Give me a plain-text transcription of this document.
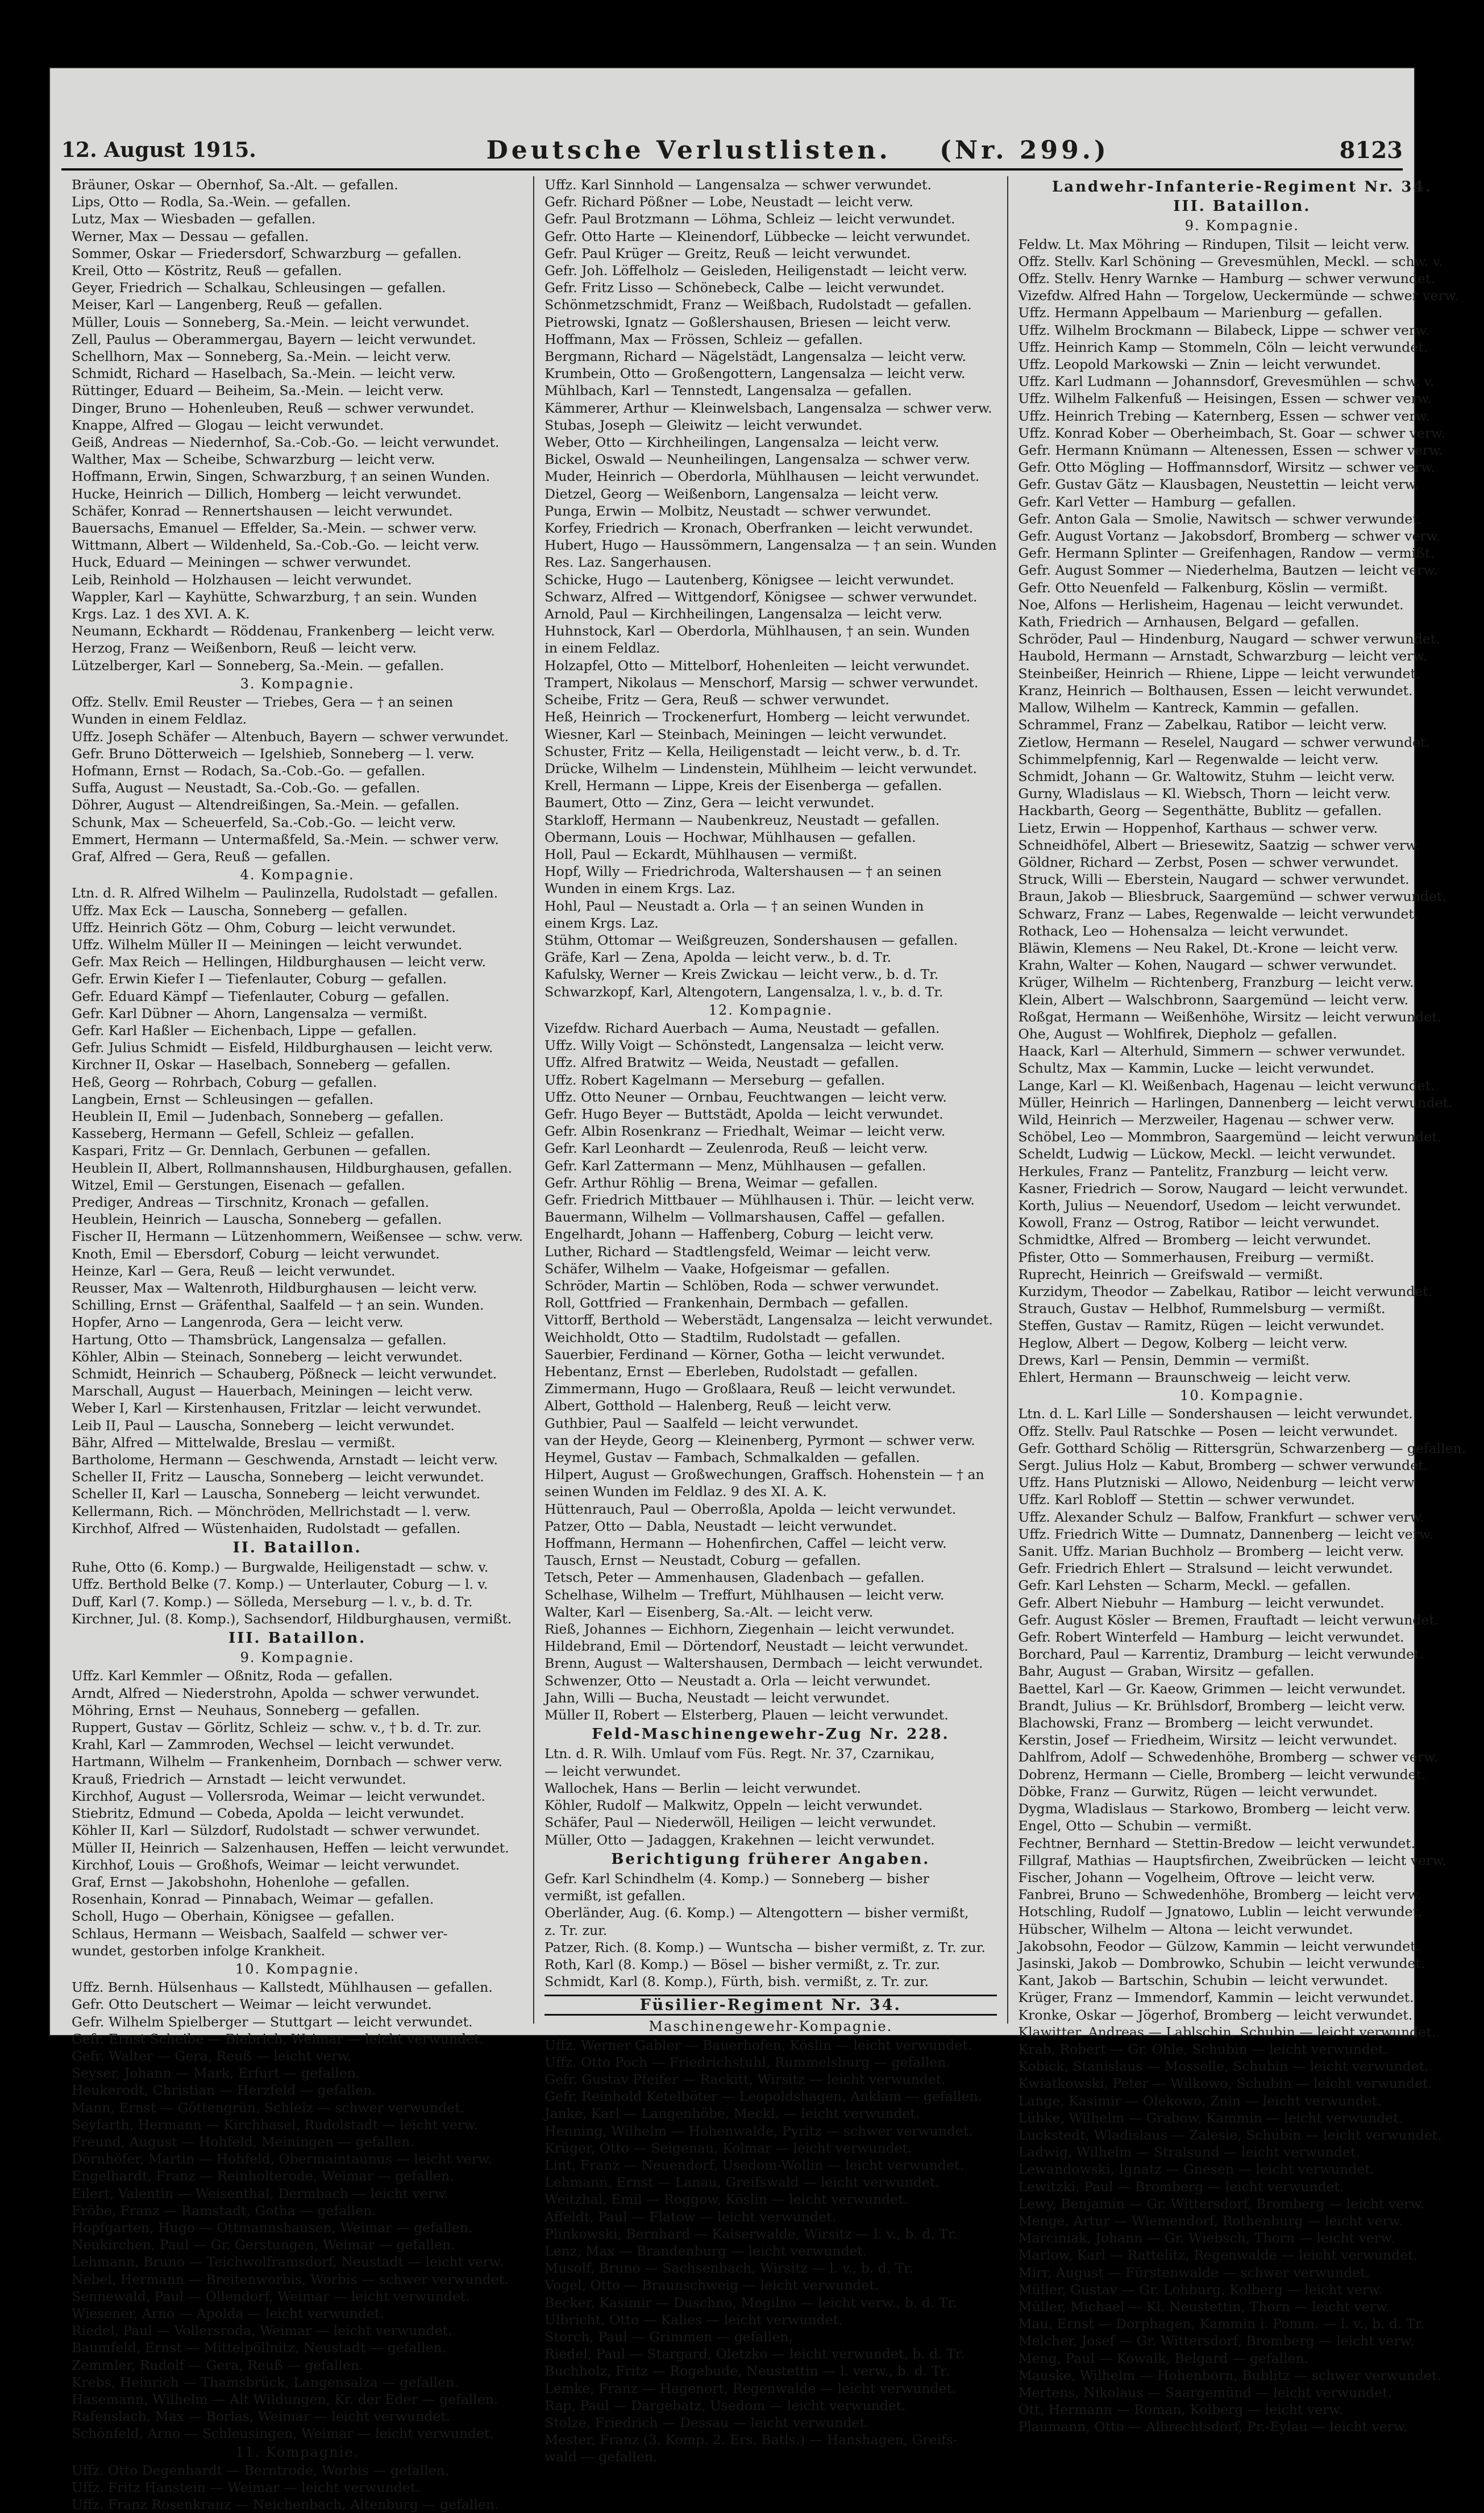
12. August 1915.	Deutsche Verlustlisten. (Nr. 299.)	8123
Bräuner, Oskar — Obernhof, Sa.-Alt. — gefallen.
Lips, Otto — Rodla, Sa.-Wein. — gefallen.
Lutz, Max — Wiesbaden — gefallen.
Werner, Max — Dessau — gefallen.
Sommer, Oskar — Friedersdorf, Schwarzburg — gefallen.
Kreil, Otto — Köstritz, Reuß — gefallen.
Geyer, Friedrich — Schalkau, Schleusingen — gefallen.
Meiser, Karl — Langenberg, Reuß — gefallen.
Müller, Louis — Sonneberg, Sa.-Mein. — leicht verwundet.
Zell, Paulus — Oberammergau, Bayern — leicht verwundet.
Schellhorn, Max — Sonneberg, Sa.-Mein. — leicht verw.
Schmidt, Richard — Haselbach, Sa.-Mein. — leicht verw.
Rüttinger, Eduard — Beiheim, Sa.-Mein. — leicht verw.
Dinger, Bruno — Hohenleuben, Reuß — schwer verwundet.
Knappe, Alfred — Glogau — leicht verwundet.
Geiß, Andreas — Niedernhof, Sa.-Cob.-Go. — leicht verwundet.
Walther, Max — Scheibe, Schwarzburg — leicht verw.
Hoffmann, Erwin, Singen, Schwarzburg, † an seinen Wunden.
Hucke, Heinrich — Dillich, Homberg — leicht verwundet.
Schäfer, Konrad — Rennertshausen — leicht verwundet.
Bauersachs, Emanuel — Effelder, Sa.-Mein. — schwer verw.
Wittmann, Albert — Wildenheld, Sa.-Cob.-Go. — leicht verw.
Huck, Eduard — Meiningen — schwer verwundet.
Leib, Reinhold — Holzhausen — leicht verwundet.
Wappler, Karl — Kayhütte, Schwarzburg, † an sein. Wunden
Krgs. Laz. 1 des XVI. A. K.
Neumann, Eckhardt — Röddenau, Frankenberg — leicht verw.
Herzog, Franz — Weißenborn, Reuß — leicht verw.
Lützelberger, Karl — Sonneberg, Sa.-Mein. — gefallen.
3. Kompagnie.
Offz. Stellv. Emil Reuster — Triebes, Gera — † an seinen
Wunden in einem Feldlaz.
Uffz. Joseph Schäfer — Altenbuch, Bayern — schwer verwundet.
Gefr. Bruno Dötterweich — Igelshieb, Sonneberg — l. verw.
Hofmann, Ernst — Rodach, Sa.-Cob.-Go. — gefallen.
Suffa, August — Neustadt, Sa.-Cob.-Go. — gefallen.
Döhrer, August — Altendreißingen, Sa.-Mein. — gefallen.
Schunk, Max — Scheuerfeld, Sa.-Cob.-Go. — leicht verw.
Emmert, Hermann — Untermaßfeld, Sa.-Mein. — schwer verw.
Graf, Alfred — Gera, Reuß — gefallen.
4. Kompagnie.
Ltn. d. R. Alfred Wilhelm — Paulinzella, Rudolstadt — gefallen.
Uffz. Max Eck — Lauscha, Sonneberg — gefallen.
Uffz. Heinrich Götz — Ohm, Coburg — leicht verwundet.
Uffz. Wilhelm Müller II — Meiningen — leicht verwundet.
Gefr. Max Reich — Hellingen, Hildburghausen — leicht verw.
Gefr. Erwin Kiefer I — Tiefenlauter, Coburg — gefallen.
Gefr. Eduard Kämpf — Tiefenlauter, Coburg — gefallen.
Gefr. Karl Dübner — Ahorn, Langensalza — vermißt.
Gefr. Karl Haßler — Eichenbach, Lippe — gefallen.
Gefr. Julius Schmidt — Eisfeld, Hildburghausen — leicht verw.
Kirchner II, Oskar — Haselbach, Sonneberg — gefallen.
Heß, Georg — Rohrbach, Coburg — gefallen.
Langbein, Ernst — Schleusingen — gefallen.
Heublein II, Emil — Judenbach, Sonneberg — gefallen.
Kasseberg, Hermann — Gefell, Schleiz — gefallen.
Kaspari, Fritz — Gr. Dennlach, Gerbunen — gefallen.
Heublein II, Albert, Rollmannshausen, Hildburghausen, gefallen.
Witzel, Emil — Gerstungen, Eisenach — gefallen.
Prediger, Andreas — Tirschnitz, Kronach — gefallen.
Heublein, Heinrich — Lauscha, Sonneberg — gefallen.
Fischer II, Hermann — Lützenhommern, Weißensee — schw. verw.
Knoth, Emil — Ebersdorf, Coburg — leicht verwundet.
Heinze, Karl — Gera, Reuß — leicht verwundet.
Reusser, Max — Waltenroth, Hildburghausen — leicht verw.
Schilling, Ernst — Gräfenthal, Saalfeld — † an sein. Wunden.
Hopfer, Arno — Langenroda, Gera — leicht verw.
Hartung, Otto — Thamsbrück, Langensalza — gefallen.
Köhler, Albin — Steinach, Sonneberg — leicht verwundet.
Schmidt, Heinrich — Schauberg, Pößneck — leicht verwundet.
Marschall, August — Hauerbach, Meiningen — leicht verw.
Weber I, Karl — Kirstenhausen, Fritzlar — leicht verwundet.
Leib II, Paul — Lauscha, Sonneberg — leicht verwundet.
Bähr, Alfred — Mittelwalde, Breslau — vermißt.
Bartholome, Hermann — Geschwenda, Arnstadt — leicht verw.
Scheller II, Fritz — Lauscha, Sonneberg — leicht verwundet.
Scheller II, Karl — Lauscha, Sonneberg — leicht verwundet.
Kellermann, Rich. — Mönchröden, Mellrichstadt — l. verw.
Kirchhof, Alfred — Wüstenhaiden, Rudolstadt — gefallen.
II. Bataillon.
Ruhe, Otto (6. Komp.) — Burgwalde, Heiligenstadt — schw. v.
Uffz. Berthold Belke (7. Komp.) — Unterlauter, Coburg — l. v.
Duff, Karl (7. Komp.) — Sölleda, Merseburg — l. v., b. d. Tr.
Kirchner, Jul. (8. Komp.), Sachsendorf, Hildburghausen, vermißt.
III. Bataillon.
9. Kompagnie.
Uffz. Karl Kemmler — Oßnitz, Roda — gefallen.
Arndt, Alfred — Niederstrohn, Apolda — schwer verwundet.
Möhring, Ernst — Neuhaus, Sonneberg — gefallen.
Ruppert, Gustav — Görlitz, Schleiz — schw. v., † b. d. Tr. zur.
Krahl, Karl — Zammroden, Wechsel — leicht verwundet.
Hartmann, Wilhelm — Frankenheim, Dornbach — schwer verw.
Krauß, Friedrich — Arnstadt — leicht verwundet.
Kirchhof, August — Vollersroda, Weimar — leicht verwundet.
Stiebritz, Edmund — Cobeda, Apolda — leicht verwundet.
Köhler II, Karl — Sülzdorf, Rudolstadt — schwer verwundet.
Müller II, Heinrich — Salzenhausen, Heffen — leicht verwundet.
Kirchhof, Louis — Großhofs, Weimar — leicht verwundet.
Graf, Ernst — Jakobshohn, Hohenlohe — gefallen.
Rosenhain, Konrad — Pinnabach, Weimar — gefallen.
Scholl, Hugo — Oberhain, Königsee — gefallen.
Schlaus, Hermann — Weisbach, Saalfeld — schwer ver-
wundet, gestorben infolge Krankheit.
10. Kompagnie.
Uffz. Bernh. Hülsenhaus — Kallstedt, Mühlhausen — gefallen.
Gefr. Otto Deutschert — Weimar — leicht verwundet.
Gefr. Wilhelm Spielberger — Stuttgart — leicht verwundet.
Gefr. Ernst Scheibe — Biebrich, Weimar — leicht verwundet.
Gefr. Walter — Gera, Reuß — leicht verw.
Seyser, Johann — Mark, Erfurt — gefallen.
Heukerodt, Christian — Herzfeld — gefallen.
Mann, Ernst — Göttengrün, Schleiz — schwer verwundet.
Seyfarth, Hermann — Kirchhasel, Rudolstadt — leicht verw.
Freund, August — Hohfeld, Meiningen — gefallen.
Dörnhöfer, Martin — Hohfeld, Obermaintaunus — leicht verw.
Engelhardt, Franz — Reinholterode, Weimar — gefallen.
Eilert, Valentin — Weisenthal, Dermbach — leicht verw.
Fröbe, Franz — Ramstadt, Gotha — gefallen.
Hopfgarten, Hugo — Ottmannshausen, Weimar — gefallen.
Neukirchen, Paul — Gr. Gerstungen, Weimar — gefallen.
Lehmann, Bruno — Teichwolframsdorf, Neustadt — leicht verw.
Nebel, Hermann — Breitenworbis, Worbis — schwer verwundet.
Sennewald, Paul — Ollendorf, Weimar — leicht verwundet.
Wiesener, Arno — Apolda — leicht verwundet.
Riedel, Paul — Vollersroda, Weimar — leicht verwundet.
Baumfeld, Ernst — Mittelpöllnitz, Neustadt — gefallen.
Zemmler, Rudolf — Gera, Reuß — gefallen.
Krebs, Heinrich — Thamsbrück, Langensalza — gefallen.
Hasemann, Wilhelm — Alt Wildungen, Kr. der Eder — gefallen.
Rafenslach, Max — Borlas, Weimar — leicht verwundet.
Schönfeld, Arno — Schleusingen, Weimar — leicht verwundet.
11. Kompagnie.
Uffz. Otto Degenhardt — Berntrode, Worbis — gefallen.
Uffz. Fritz Hanstein — Weimar — leicht verwundet.
Uffz. Franz Rosenkranz — Neichenbach, Altenburg — gefallen.
Uffz. Karl Sinnhold — Langensalza — schwer verwundet.
Gefr. Richard Pößner — Lobe, Neustadt — leicht verw.
Gefr. Paul Brotzmann — Löhma, Schleiz — leicht verwundet.
Gefr. Otto Harte — Kleinendorf, Lübbecke — leicht verwundet.
Gefr. Paul Krüger — Greitz, Reuß — leicht verwundet.
Gefr. Joh. Löffelholz — Geisleden, Heiligenstadt — leicht verw.
Gefr. Fritz Lisso — Schönebeck, Calbe — leicht verwundet.
Schönmetzschmidt, Franz — Weißbach, Rudolstadt — gefallen.
Pietrowski, Ignatz — Goßlershausen, Briesen — leicht verw.
Hoffmann, Max — Frössen, Schleiz — gefallen.
Bergmann, Richard — Nägelstädt, Langensalza — leicht verw.
Krumbein, Otto — Großengottern, Langensalza — leicht verw.
Mühlbach, Karl — Tennstedt, Langensalza — gefallen.
Kämmerer, Arthur — Kleinwelsbach, Langensalza — schwer verw.
Stubas, Joseph — Gleiwitz — leicht verwundet.
Weber, Otto — Kirchheilingen, Langensalza — leicht verw.
Bickel, Oswald — Neunheilingen, Langensalza — schwer verw.
Muder, Heinrich — Oberdorla, Mühlhausen — leicht verwundet.
Dietzel, Georg — Weißenborn, Langensalza — leicht verw.
Punga, Erwin — Molbitz, Neustadt — schwer verwundet.
Korfey, Friedrich — Kronach, Oberfranken — leicht verwundet.
Hubert, Hugo — Haussömmern, Langensalza — † an sein. Wunden
Res. Laz. Sangerhausen.
Schicke, Hugo — Lautenberg, Königsee — leicht verwundet.
Schwarz, Alfred — Wittgendorf, Königsee — schwer verwundet.
Arnold, Paul — Kirchheilingen, Langensalza — leicht verw.
Huhnstock, Karl — Oberdorla, Mühlhausen, † an sein. Wunden
in einem Feldlaz.
Holzapfel, Otto — Mittelborf, Hohenleiten — leicht verwundet.
Trampert, Nikolaus — Menschorf, Marsig — schwer verwundet.
Scheibe, Fritz — Gera, Reuß — schwer verwundet.
Heß, Heinrich — Trockenerfurt, Homberg — leicht verwundet.
Wiesner, Karl — Steinbach, Meiningen — leicht verwundet.
Schuster, Fritz — Kella, Heiligenstadt — leicht verw., b. d. Tr.
Drücke, Wilhelm — Lindenstein, Mühlheim — leicht verwundet.
Krell, Hermann — Lippe, Kreis der Eisenberga — gefallen.
Baumert, Otto — Zinz, Gera — leicht verwundet.
Starkloff, Hermann — Naubenkreuz, Neustadt — gefallen.
Obermann, Louis — Hochwar, Mühlhausen — gefallen.
Holl, Paul — Eckardt, Mühlhausen — vermißt.
Hopf, Willy — Friedrichroda, Waltershausen — † an seinen
Wunden in einem Krgs. Laz.
Hohl, Paul — Neustadt a. Orla — † an seinen Wunden in
einem Krgs. Laz.
Stühm, Ottomar — Weißgreuzen, Sondershausen — gefallen.
Gräfe, Karl — Zena, Apolda — leicht verw., b. d. Tr.
Kafulsky, Werner — Kreis Zwickau — leicht verw., b. d. Tr.
Schwarzkopf, Karl, Altengotern, Langensalza, l. v., b. d. Tr.
12. Kompagnie.
Vizefdw. Richard Auerbach — Auma, Neustadt — gefallen.
Uffz. Willy Voigt — Schönstedt, Langensalza — leicht verw.
Uffz. Alfred Bratwitz — Weida, Neustadt — gefallen.
Uffz. Robert Kagelmann — Merseburg — gefallen.
Uffz. Otto Neuner — Ornbau, Feuchtwangen — leicht verw.
Gefr. Hugo Beyer — Buttstädt, Apolda — leicht verwundet.
Gefr. Albin Rosenkranz — Friedhalt, Weimar — leicht verw.
Gefr. Karl Leonhardt — Zeulenroda, Reuß — leicht verw.
Gefr. Karl Zattermann — Menz, Mühlhausen — gefallen.
Gefr. Arthur Röhlig — Brena, Weimar — gefallen.
Gefr. Friedrich Mittbauer — Mühlhausen i. Thür. — leicht verw.
Bauermann, Wilhelm — Vollmarshausen, Caffel — gefallen.
Engelhardt, Johann — Haffenberg, Coburg — leicht verw.
Luther, Richard — Stadtlengsfeld, Weimar — leicht verw.
Schäfer, Wilhelm — Vaake, Hofgeismar — gefallen.
Schröder, Martin — Schlöben, Roda — schwer verwundet.
Roll, Gottfried — Frankenhain, Dermbach — gefallen.
Vittorff, Berthold — Weberstädt, Langensalza — leicht verwundet.
Weichholdt, Otto — Stadtilm, Rudolstadt — gefallen.
Sauerbier, Ferdinand — Körner, Gotha — leicht verwundet.
Hebentanz, Ernst — Eberleben, Rudolstadt — gefallen.
Zimmermann, Hugo — Großlaara, Reuß — leicht verwundet.
Albert, Gotthold — Halenberg, Reuß — leicht verw.
Guthbier, Paul — Saalfeld — leicht verwundet.
van der Heyde, Georg — Kleinenberg, Pyrmont — schwer verw.
Heymel, Gustav — Fambach, Schmalkalden — gefallen.
Hilpert, August — Großwechungen, Graffsch. Hohenstein — † an
seinen Wunden im Feldlaz. 9 des XI. A. K.
Hüttenrauch, Paul — Oberroßla, Apolda — leicht verwundet.
Patzer, Otto — Dabla, Neustadt — leicht verwundet.
Hoffmann, Hermann — Hohenfirchen, Caffel — leicht verw.
Tausch, Ernst — Neustadt, Coburg — gefallen.
Tetsch, Peter — Ammenhausen, Gladenbach — gefallen.
Schelhase, Wilhelm — Treffurt, Mühlhausen — leicht verw.
Walter, Karl — Eisenberg, Sa.-Alt. — leicht verw.
Rieß, Johannes — Eichhorn, Ziegenhain — leicht verwundet.
Hildebrand, Emil — Dörtendorf, Neustadt — leicht verwundet.
Brenn, August — Waltershausen, Dermbach — leicht verwundet.
Schwenzer, Otto — Neustadt a. Orla — leicht verwundet.
Jahn, Willi — Bucha, Neustadt — leicht verwundet.
Müller II, Robert — Elsterberg, Plauen — leicht verwundet.
Feld-Maschinengewehr-Zug Nr. 228.
Ltn. d. R. Wilh. Umlauf vom Füs. Regt. Nr. 37, Czarnikau,
— leicht verwundet.
Wallochek, Hans — Berlin — leicht verwundet.
Köhler, Rudolf — Malkwitz, Oppeln — leicht verwundet.
Schäfer, Paul — Niederwöll, Heiligen — leicht verwundet.
Müller, Otto — Jadaggen, Krakehnen — leicht verwundet.
Berichtigung früherer Angaben.
Gefr. Karl Schindhelm (4. Komp.) — Sonneberg — bisher
vermißt, ist gefallen.
Oberländer, Aug. (6. Komp.) — Altengottern — bisher vermißt,
z. Tr. zur.
Patzer, Rich. (8. Komp.) — Wuntscha — bisher vermißt, z. Tr. zur.
Roth, Karl (8. Komp.) — Bösel — bisher vermißt, z. Tr. zur.
Schmidt, Karl (8. Komp.), Fürth, bish. vermißt, z. Tr. zur.
Füsilier-Regiment Nr. 34.
Maschinengewehr-Kompagnie.
Uffz. Werner Gabler — Bauerhofen, Köslin — leicht verwundet.
Uffz. Otto Poch — Friedrichstuhl, Rummelsburg — gefallen.
Gefr. Gustav Pfeifer — Rackitt, Wirsitz — leicht verwundet.
Gefr. Reinhold Ketelböter — Leopoldshagen, Anklam — gefallen.
Janke, Karl — Langenhöbe, Meckl. — leicht verwundet.
Henning, Wilhelm — Hohenwalde, Pyritz — schwer verwundet.
Krüger, Otto — Seigenau, Kolmar — leicht verwundet.
Lint, Franz — Neuendorf, Usedom-Wollin — leicht verwundet.
Lehmann, Ernst — Lanau, Greifswald — leicht verwundet.
Weitzhal, Emil — Roggow, Köslin — leicht verwundet.
Affeldt, Paul — Flatow — leicht verwundet.
Plinkowski, Bernhard — Kaiserwalde, Wirsitz — l. v., b. d. Tr.
Lenz, Max — Brandenburg — leicht verwundet.
Musolf, Bruno — Sachsenbach, Wirsitz — l. v., b. d. Tr.
Vogel, Otto — Braunschweig — leicht verwundet.
Becker, Kasimir — Duschno, Mogilno — leicht verw., b. d. Tr.
Ulbricht, Otto — Kalies — leicht verwundet.
Storch, Paul — Grimmen — gefallen.
Riedel, Paul — Stargard, Oletzko — leicht verwundet, b. d. Tr.
Buchholz, Fritz — Rogebude, Neustettin — l. verw., b. d. Tr.
Lemke, Franz — Hagenort, Regenwalde — leicht verwundet.
Rap, Paul — Dargebatz, Usedom — leicht verwundet.
Stolze, Friedrich — Dessau — leicht verwundet.
Mester, Franz (3. Komp. 2. Ers. Batls.) — Hanshagen, Greifs-
wald — gefallen.
Landwehr-Infanterie-Regiment Nr. 34.
III. Bataillon.
9. Kompagnie.
Feldw. Lt. Max Möhring — Rindupen, Tilsit — leicht verw.
Offz. Stellv. Karl Schöning — Grevesmühlen, Meckl. — schw. v.
Offz. Stellv. Henry Warnke — Hamburg — schwer verwundet.
Vizefdw. Alfred Hahn — Torgelow, Ueckermünde — schwer verw.
Uffz. Hermann Appelbaum — Marienburg — gefallen.
Uffz. Wilhelm Brockmann — Bilabeck, Lippe — schwer verw.
Uffz. Heinrich Kamp — Stommeln, Cöln — leicht verwundet.
Uffz. Leopold Markowski — Znin — leicht verwundet.
Uffz. Karl Ludmann — Johannsdorf, Grevesmühlen — schw. v.
Uffz. Wilhelm Falkenfuß — Heisingen, Essen — schwer verw.
Uffz. Heinrich Trebing — Katernberg, Essen — schwer verw.
Uffz. Konrad Kober — Oberheimbach, St. Goar — schwer verw.
Gefr. Hermann Knümann — Altenessen, Essen — schwer verw.
Gefr. Otto Mögling — Hoffmannsdorf, Wirsitz — schwer verw.
Gefr. Gustav Gätz — Klausbagen, Neustettin — leicht verw.
Gefr. Karl Vetter — Hamburg — gefallen.
Gefr. Anton Gala — Smolie, Nawitsch — schwer verwundet.
Gefr. August Vortanz — Jakobsdorf, Bromberg — schwer verw.
Gefr. Hermann Splinter — Greifenhagen, Randow — vermißt.
Gefr. August Sommer — Niederhelma, Bautzen — leicht verw.
Gefr. Otto Neuenfeld — Falkenburg, Köslin — vermißt.
Noe, Alfons — Herlisheim, Hagenau — leicht verwundet.
Kath, Friedrich — Arnhausen, Belgard — gefallen.
Schröder, Paul — Hindenburg, Naugard — schwer verwundet.
Haubold, Hermann — Arnstadt, Schwarzburg — leicht verw.
Steinbeißer, Heinrich — Rhiene, Lippe — leicht verwundet.
Kranz, Heinrich — Bolthausen, Essen — leicht verwundet.
Mallow, Wilhelm — Kantreck, Kammin — gefallen.
Schrammel, Franz — Zabelkau, Ratibor — leicht verw.
Zietlow, Hermann — Reselel, Naugard — schwer verwundet.
Schimmelpfennig, Karl — Regenwalde — leicht verw.
Schmidt, Johann — Gr. Waltowitz, Stuhm — leicht verw.
Gurny, Wladislaus — Kl. Wiebsch, Thorn — leicht verw.
Hackbarth, Georg — Segenthätte, Bublitz — gefallen.
Lietz, Erwin — Hoppenhof, Karthaus — schwer verw.
Schneidhöfel, Albert — Briesewitz, Saatzig — schwer verw.
Göldner, Richard — Zerbst, Posen — schwer verwundet.
Struck, Willi — Eberstein, Naugard — schwer verwundet.
Braun, Jakob — Bliesbruck, Saargemünd — schwer verwundet.
Schwarz, Franz — Labes, Regenwalde — leicht verwundet.
Rothack, Leo — Hohensalza — leicht verwundet.
Bläwin, Klemens — Neu Rakel, Dt.-Krone — leicht verw.
Krahn, Walter — Kohen, Naugard — schwer verwundet.
Krüger, Wilhelm — Richtenberg, Franzburg — leicht verw.
Klein, Albert — Walschbronn, Saargemünd — leicht verw.
Roßgat, Hermann — Weißenhöhe, Wirsitz — leicht verwundet.
Ohe, August — Wohlfirek, Diepholz — gefallen.
Haack, Karl — Alterhuld, Simmern — schwer verwundet.
Schultz, Max — Kammin, Lucke — leicht verwundet.
Lange, Karl — Kl. Weißenbach, Hagenau — leicht verwundet.
Müller, Heinrich — Harlingen, Dannenberg — leicht verwundet.
Wild, Heinrich — Merzweiler, Hagenau — schwer verw.
Schöbel, Leo — Mommbron, Saargemünd — leicht verwundet.
Scheldt, Ludwig — Lückow, Meckl. — leicht verwundet.
Herkules, Franz — Pantelitz, Franzburg — leicht verw.
Kasner, Friedrich — Sorow, Naugard — leicht verwundet.
Korth, Julius — Neuendorf, Usedom — leicht verwundet.
Kowoll, Franz — Ostrog, Ratibor — leicht verwundet.
Schmidtke, Alfred — Bromberg — leicht verwundet.
Pfister, Otto — Sommerhausen, Freiburg — vermißt.
Ruprecht, Heinrich — Greifswald — vermißt.
Kurzidym, Theodor — Zabelkau, Ratibor — leicht verwundet.
Strauch, Gustav — Helbhof, Rummelsburg — vermißt.
Steffen, Gustav — Ramitz, Rügen — leicht verwundet.
Heglow, Albert — Degow, Kolberg — leicht verw.
Drews, Karl — Pensin, Demmin — vermißt.
Ehlert, Hermann — Braunschweig — leicht verw.
10. Kompagnie.
Ltn. d. L. Karl Lille — Sondershausen — leicht verwundet.
Offz. Stellv. Paul Ratschke — Posen — leicht verwundet.
Gefr. Gotthard Schölig — Rittersgrün, Schwarzenberg — gefallen.
Sergt. Julius Holz — Kabut, Bromberg — schwer verwundet.
Uffz. Hans Plutzniski — Allowo, Neidenburg — leicht verw.
Uffz. Karl Robloff — Stettin — schwer verwundet.
Uffz. Alexander Schulz — Balfow, Frankfurt — schwer verw.
Uffz. Friedrich Witte — Dumnatz, Dannenberg — leicht verw.
Sanit. Uffz. Marian Buchholz — Bromberg — leicht verw.
Gefr. Friedrich Ehlert — Stralsund — leicht verwundet.
Gefr. Karl Lehsten — Scharm, Meckl. — gefallen.
Gefr. Albert Niebuhr — Hamburg — leicht verwundet.
Gefr. August Kösler — Bremen, Frauftadt — leicht verwundet.
Gefr. Robert Winterfeld — Hamburg — leicht verwundet.
Borchard, Paul — Karrentiz, Dramburg — leicht verwundet.
Bahr, August — Graban, Wirsitz — gefallen.
Baettel, Karl — Gr. Kaeow, Grimmen — leicht verwundet.
Brandt, Julius — Kr. Brühlsdorf, Bromberg — leicht verw.
Blachowski, Franz — Bromberg — leicht verwundet.
Kerstin, Josef — Friedheim, Wirsitz — leicht verwundet.
Dahlfrom, Adolf — Schwedenhöhe, Bromberg — schwer verw.
Dobrenz, Hermann — Cielle, Bromberg — leicht verwundet.
Döbke, Franz — Gurwitz, Rügen — leicht verwundet.
Dygma, Wladislaus — Starkowo, Bromberg — leicht verw.
Engel, Otto — Schubin — vermißt.
Fechtner, Bernhard — Stettin-Bredow — leicht verwundet.
Fillgraf, Mathias — Hauptsfirchen, Zweibrücken — leicht verw.
Fischer, Johann — Vogelheim, Oftrove — leicht verw.
Fanbrei, Bruno — Schwedenhöhe, Bromberg — leicht verw.
Hotschling, Rudolf — Jgnatowo, Lublin — leicht verwundet.
Hübscher, Wilhelm — Altona — leicht verwundet.
Jakobsohn, Feodor — Gülzow, Kammin — leicht verwundet.
Jasinski, Jakob — Dombrowko, Schubin — leicht verwundet.
Kant, Jakob — Bartschin, Schubin — leicht verwundet.
Krüger, Franz — Immendorf, Kammin — leicht verwundet.
Kronke, Oskar — Jögerhof, Bromberg — leicht verwundet.
Klawitter, Andreas — Lablschin, Schubin — leicht verwundet.
Krab, Robert — Gr. Ohle, Schubin — leicht verwundet.
Kobick, Stanislaus — Mosselle, Schubin — leicht verwundet.
Kwiatkowski, Peter — Wilkowo, Schubin — leicht verwundet.
Lange, Kasimir — Olekowo, Znin — leicht verwundet.
Lübke, Wilhelm — Grabow, Kammin — leicht verwundet.
Luckstedt, Wladislaus — Zalesie, Schubin — leicht verwundet.
Ladwig, Wilhelm — Stralsund — leicht verwundet.
Lewandowski, Ignatz — Gnesen — leicht verwundet.
Lewitzki, Paul — Bromberg — leicht verwundet.
Lewy, Benjamin — Gr. Wittersdorf, Bromberg — leicht verw.
Menge, Artur — Wiemendorf, Rothenburg — leicht verw.
Marciniak, Johann — Gr. Wiebsch, Thorn — leicht verw.
Marlow, Karl — Rattelitz, Regenwalde — leicht verwundet.
Mirr, August — Fürstenwalde — schwer verwundet.
Müller, Gustav — Gr. Lohburg, Kolberg — leicht verw.
Müller, Michael — Kl. Neustettin, Thorn — leicht verw.
Mau, Ernst — Dorphagen, Kammin i. Pomm. — l. v., b. d. Tr.
Melcher, Josef — Gr. Wittersdorf, Bromberg — leicht verw.
Meng, Paul — Kowalk, Belgard — gefallen.
Mauske, Wilhelm — Hohenborn, Bublitz — schwer verwundet.
Mertens, Nikolaus — Saargemünd — leicht verwundet.
Ott, Hermann — Roman, Kolberg — leicht verw.
Plaumann, Otto — Albrechtsdorf, Pr.-Eylau — leicht verw.
